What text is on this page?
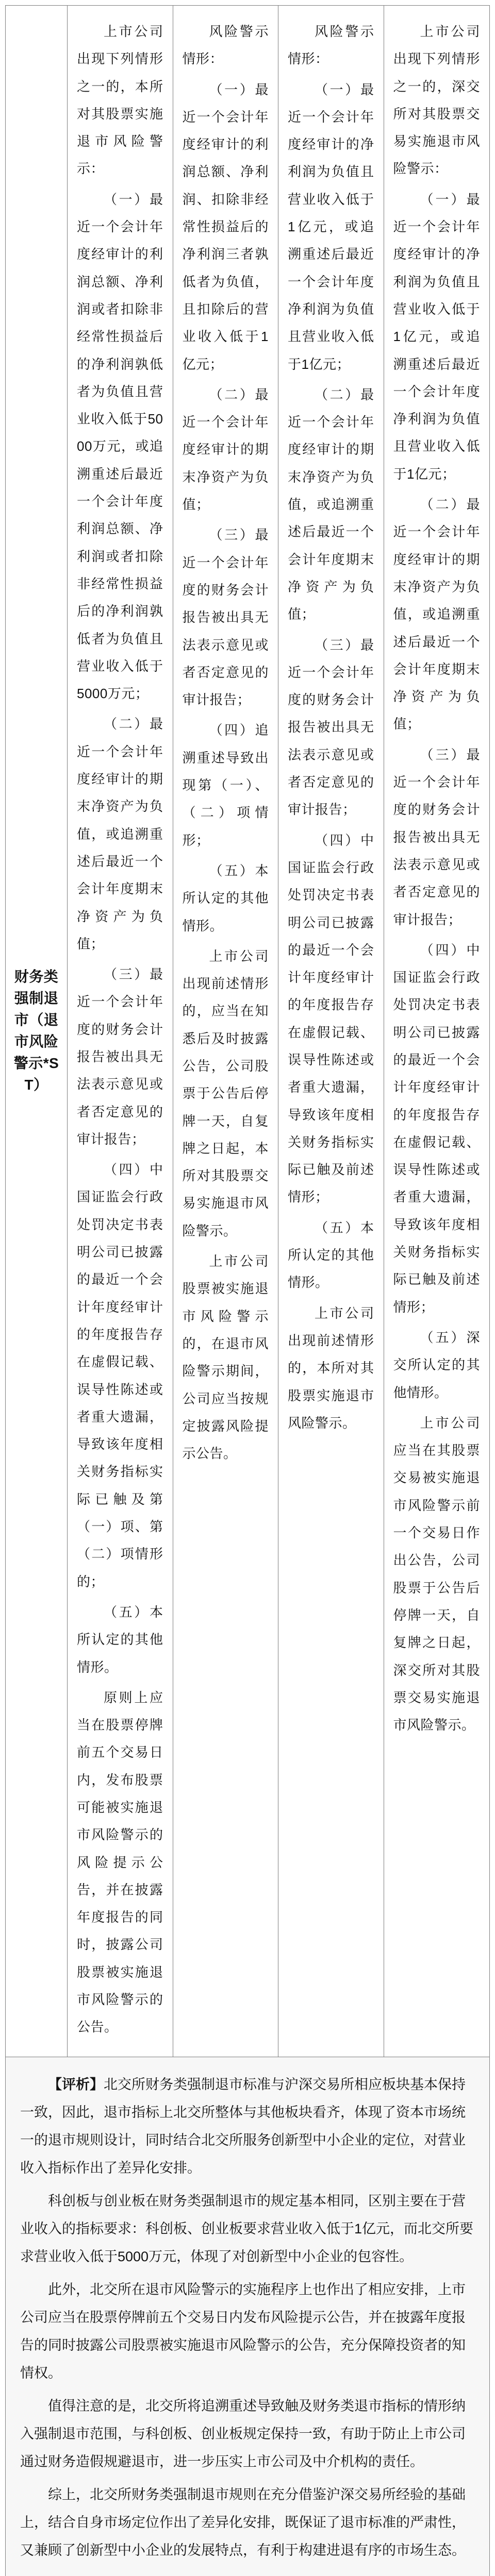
财务类强制退市（退市风险警示*ST）

上市公司出现下列情形之一的，本所对其股票实施退市风险警示：

（一）最近一个会计年度经审计的利润总额、净利润或者扣除非经常性损益后的净利润孰低者为负值且营业收入低于5000万元，或追溯重述后最近一个会计年度利润总额、净利润或者扣除非经常性损益后的净利润孰低者为负值且营业收入低于5000万元；

（二）最近一个会计年度经审计的期末净资产为负值，或追溯重述后最近一个会计年度期末净资产为负值；

（三）最近一个会计年度的财务会计报告被出具无法表示意见或者否定意见的审计报告；

（四）中国证监会行政处罚决定书表明公司已披露的最近一个会计年度经审计的年度报告存在虚假记载、误导性陈述或者重大遗漏，导致该年度相关财务指标实际已触及第（一）项、第（二）项情形的；

（五）本所认定的其他情形。

原则上应当在股票停牌前五个交易日内，发布股票可能被实施退市风险警示的风险提示公告，并在披露年度报告的同时，披露公司股票被实施退市风险警示的公告。

风险警示情形：

（一）最近一个会计年度经审计的利润总额、净利润、扣除非经常性损益后的净利润三者孰低者为负值，且扣除后的营业收入低于1亿元；

（二）最近一个会计年度经审计的期末净资产为负值；

（三）最近一个会计年度的财务会计报告被出具无法表示意见或者否定意见的审计报告；

（四）追溯重述导致出现第（一）、（二）项情形；

（五）本所认定的其他情形。

上市公司出现前述情形的，应当在知悉后及时披露公告，公司股票于公告后停牌一天，自复牌之日起，本所对其股票交易实施退市风险警示。

上市公司股票被实施退市风险警示的，在退市风险警示期间，公司应当按规定披露风险提示公告。

风险警示情形：

（一）最近一个会计年度经审计的净利润为负值且营业收入低于1亿元，或追溯重述后最近一个会计年度净利润为负值且营业收入低于1亿元；

（二）最近一个会计年度经审计的期末净资产为负值，或追溯重述后最近一个会计年度期末净资产为负值；

（三）最近一个会计年度的财务会计报告被出具无法表示意见或者否定意见的审计报告；

（四）中国证监会行政处罚决定书表明公司已披露的最近一个会计年度经审计的年度报告存在虚假记载、误导性陈述或者重大遗漏，导致该年度相关财务指标实际已触及前述情形；

（五）本所认定的其他情形。

上市公司出现前述情形的，本所对其股票实施退市风险警示。

上市公司出现下列情形之一的，深交所对其股票交易实施退市风险警示：

（一）最近一个会计年度经审计的净利润为负值且营业收入低于1亿元，或追溯重述后最近一个会计年度净利润为负值且营业收入低于1亿元；

（二）最近一个会计年度经审计的期末净资产为负值，或追溯重述后最近一个会计年度期末净资产为负值；

（三）最近一个会计年度的财务会计报告被出具无法表示意见或者否定意见的审计报告；

（四）中国证监会行政处罚决定书表明公司已披露的最近一个会计年度经审计的年度报告存在虚假记载、误导性陈述或者重大遗漏，导致该年度相关财务指标实际已触及前述情形；

（五）深交所认定的其他情形。

上市公司应当在其股票交易被实施退市风险警示前一个交易日作出公告，公司股票于公告后停牌一天，自复牌之日起，深交所对其股票交易实施退市风险警示。

【评析】北交所财务类强制退市标准与沪深交易所相应板块基本保持一致，因此，退市指标上北交所整体与其他板块看齐，体现了资本市场统一的退市规则设计，同时结合北交所服务创新型中小企业的定位，对营业收入指标作出了差异化安排。

科创板与创业板在财务类强制退市的规定基本相同，区别主要在于营业收入的指标要求：科创板、创业板要求营业收入低于1亿元，而北交所要求营业收入低于5000万元，体现了对创新型中小企业的包容性。

此外，北交所在退市风险警示的实施程序上也作出了相应安排，上市公司应当在股票停牌前五个交易日内发布风险提示公告，并在披露年度报告的同时披露公司股票被实施退市风险警示的公告，充分保障投资者的知情权。

值得注意的是，北交所将追溯重述导致触及财务类退市指标的情形纳入强制退市范围，与科创板、创业板规定保持一致，有助于防止上市公司通过财务造假规避退市，进一步压实上市公司及中介机构的责任。

综上，北交所财务类强制退市规则在充分借鉴沪深交易所经验的基础上，结合自身市场定位作出了差异化安排，既保证了退市标准的严肃性，又兼顾了创新型中小企业的发展特点，有利于构建进退有序的市场生态。
